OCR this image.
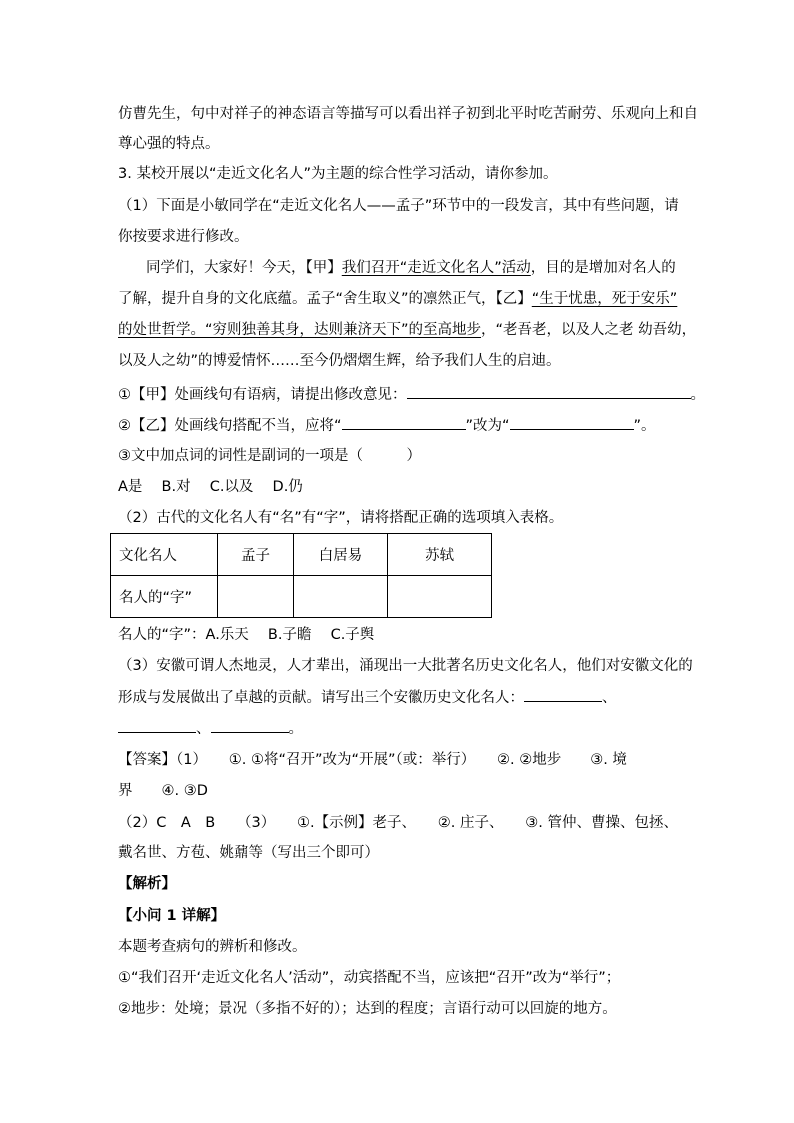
仿曹先生，句中对祥子的神态语言等描写可以看出祥子初到北平时吃苦耐劳、乐观向上和自
尊心强的特点。
3. 某校开展以“走近文化名人”为主题的综合性学习活动，请你参加。
（1）下面是小敏同学在“走近文化名人——孟子”环节中的一段发言，其中有些问题，请
你按要求进行修改。
同学们，大家好！今天，【甲】我们召开“走近文化名人”活动，目的是增加对名人的
了解，提升自身的文化底蕴。孟子“舍生取义”的凛然正气，【乙】“生于忧患，死于安乐”
的处世哲学。“穷则独善其身，达则兼济天下”的至高地步，“老吾老，以及人之老 幼吾幼，
以及人之幼”的博爱情怀……至今仍熠熠生辉，给予我们人生的启迪。
①【甲】处画线句有语病，请提出修改意见：	。
②【乙】处画线句搭配不当，应将“	”改为“	”。
③文中加点词的词性是副词的一项是（　　　）
A是　 B.对　 C.以及　 D.仍
（2）古代的文化名人有“名”有“字”，请将搭配正确的选项填入表格。
文化名人	孟子	白居易	苏轼
名人的“字”			
名人的“字”：A.乐天　 B.子瞻　 C.子舆
（3）安徽可谓人杰地灵，人才辈出，涌现出一大批著名历史文化名人，他们对安徽文化的
形成与发展做出了卓越的贡献。请写出三个安徽历史文化名人：	、
、	。
【答案】（1）　　①. ①将“召开”改为“开展”（或：举行）　　②. ②地步　　③. 境
界　　④. ③D
（2）C　A　B　　（3）　　①.【示例】老子、　　②. 庄子、　　③. 管仲、曹操、包拯、
戴名世、方苞、姚鼐等（写出三个即可）
【解析】
【小问 1 详解】
本题考查病句的辨析和修改。
①“我们召开‘走近文化名人’活动”，动宾搭配不当，应该把“召开”改为“举行”；
②地步：处境；景况（多指不好的）；达到的程度；言语行动可以回旋的地方。
